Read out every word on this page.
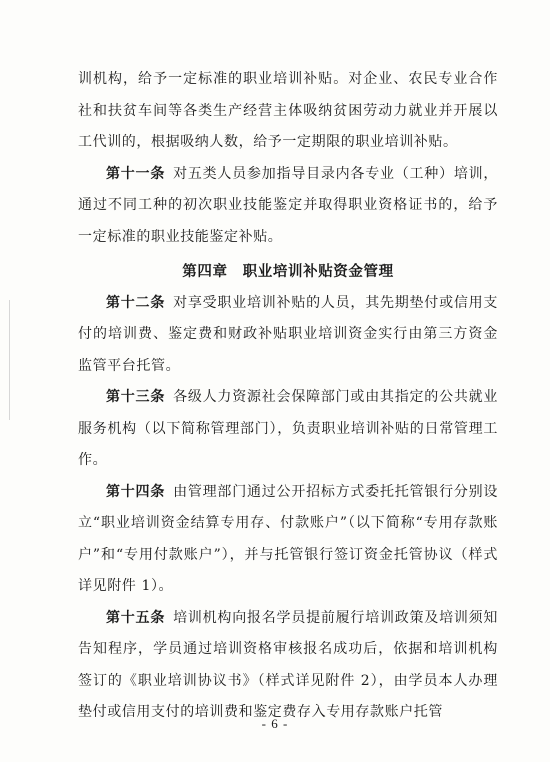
训机构，给予一定标准的职业培训补贴。对企业、农民专业合作社和扶贫车间等各类生产经营主体吸纳贫困劳动力就业并开展以工代训的，根据吸纳人数，给予一定期限的职业培训补贴。

第十一条 对五类人员参加指导目录内各专业（工种）培训，通过不同工种的初次职业技能鉴定并取得职业资格证书的，给予一定标准的职业技能鉴定补贴。

第四章　职业培训补贴资金管理

第十二条 对享受职业培训补贴的人员，其先期垫付或信用支付的培训费、鉴定费和财政补贴职业培训资金实行由第三方资金监管平台托管。

第十三条 各级人力资源社会保障部门或由其指定的公共就业服务机构（以下简称管理部门），负责职业培训补贴的日常管理工作。

第十四条 由管理部门通过公开招标方式委托托管银行分别设立“职业培训资金结算专用存、付款账户”（以下简称“专用存款账户”和“专用付款账户”），并与托管银行签订资金托管协议（样式详见附件 1）。

第十五条 培训机构向报名学员提前履行培训政策及培训须知告知程序，学员通过培训资格审核报名成功后，依据和培训机构签订的《职业培训协议书》（样式详见附件 2），由学员本人办理垫付或信用支付的培训费和鉴定费存入专用存款账户托管

- 6 -
